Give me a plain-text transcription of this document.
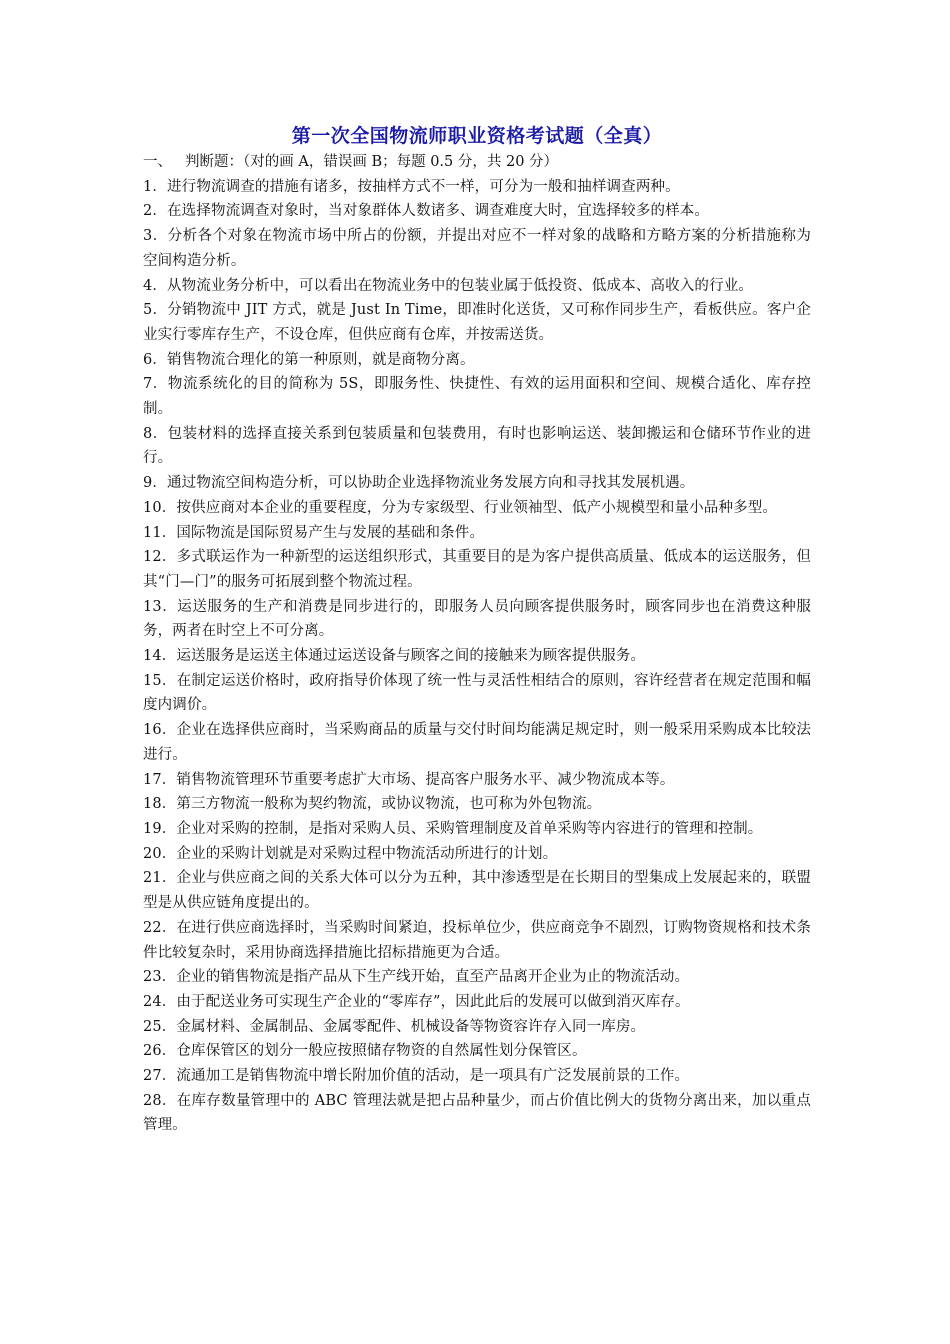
第一次全国物流师职业资格考试题（全真）

一、 判断题：（对的画 A，错误画 B；每题 0.5 分，共 20 分）

1．进行物流调查的措施有诸多，按抽样方式不一样，可分为一般和抽样调查两种。

2．在选择物流调查对象时，当对象群体人数诸多、调查难度大时，宜选择较多的样本。

3．分析各个对象在物流市场中所占的份额，并提出对应不一样对象的战略和方略方案的分析措施称为空间构造分析。

4．从物流业务分析中，可以看出在物流业务中的包装业属于低投资、低成本、高收入的行业。

5．分销物流中 JIT 方式，就是 Just In Time，即准时化送货，又可称作同步生产，看板供应。客户企业实行零库存生产，不设仓库，但供应商有仓库，并按需送货。

6．销售物流合理化的第一种原则，就是商物分离。

7．物流系统化的目的简称为 5S，即服务性、快捷性、有效的运用面积和空间、规模合适化、库存控制。

8．包装材料的选择直接关系到包装质量和包装费用，有时也影响运送、装卸搬运和仓储环节作业的进行。

9．通过物流空间构造分析，可以协助企业选择物流业务发展方向和寻找其发展机遇。

10．按供应商对本企业的重要程度，分为专家级型、行业领袖型、低产小规模型和量小品种多型。

11．国际物流是国际贸易产生与发展的基础和条件。

12．多式联运作为一种新型的运送组织形式，其重要目的是为客户提供高质量、低成本的运送服务，但其“门—门”的服务可拓展到整个物流过程。

13．运送服务的生产和消费是同步进行的，即服务人员向顾客提供服务时，顾客同步也在消费这种服务，两者在时空上不可分离。

14．运送服务是运送主体通过运送设备与顾客之间的接触来为顾客提供服务。

15．在制定运送价格时，政府指导价体现了统一性与灵活性相结合的原则，容许经营者在规定范围和幅度内调价。

16．企业在选择供应商时，当采购商品的质量与交付时间均能满足规定时，则一般采用采购成本比较法进行。

17．销售物流管理环节重要考虑扩大市场、提高客户服务水平、减少物流成本等。

18．第三方物流一般称为契约物流，或协议物流，也可称为外包物流。

19．企业对采购的控制，是指对采购人员、采购管理制度及首单采购等内容进行的管理和控制。

20．企业的采购计划就是对采购过程中物流活动所进行的计划。

21．企业与供应商之间的关系大体可以分为五种，其中渗透型是在长期目的型集成上发展起来的，联盟型是从供应链角度提出的。

22．在进行供应商选择时，当采购时间紧迫，投标单位少，供应商竞争不剧烈，订购物资规格和技术条件比较复杂时，采用协商选择措施比招标措施更为合适。

23．企业的销售物流是指产品从下生产线开始，直至产品离开企业为止的物流活动。

24．由于配送业务可实现生产企业的“零库存”，因此此后的发展可以做到消灭库存。

25．金属材料、金属制品、金属零配件、机械设备等物资容许存入同一库房。

26．仓库保管区的划分一般应按照储存物资的自然属性划分保管区。

27．流通加工是销售物流中增长附加价值的活动，是一项具有广泛发展前景的工作。

28．在库存数量管理中的 ABC 管理法就是把占品种量少，而占价值比例大的货物分离出来，加以重点管理。
